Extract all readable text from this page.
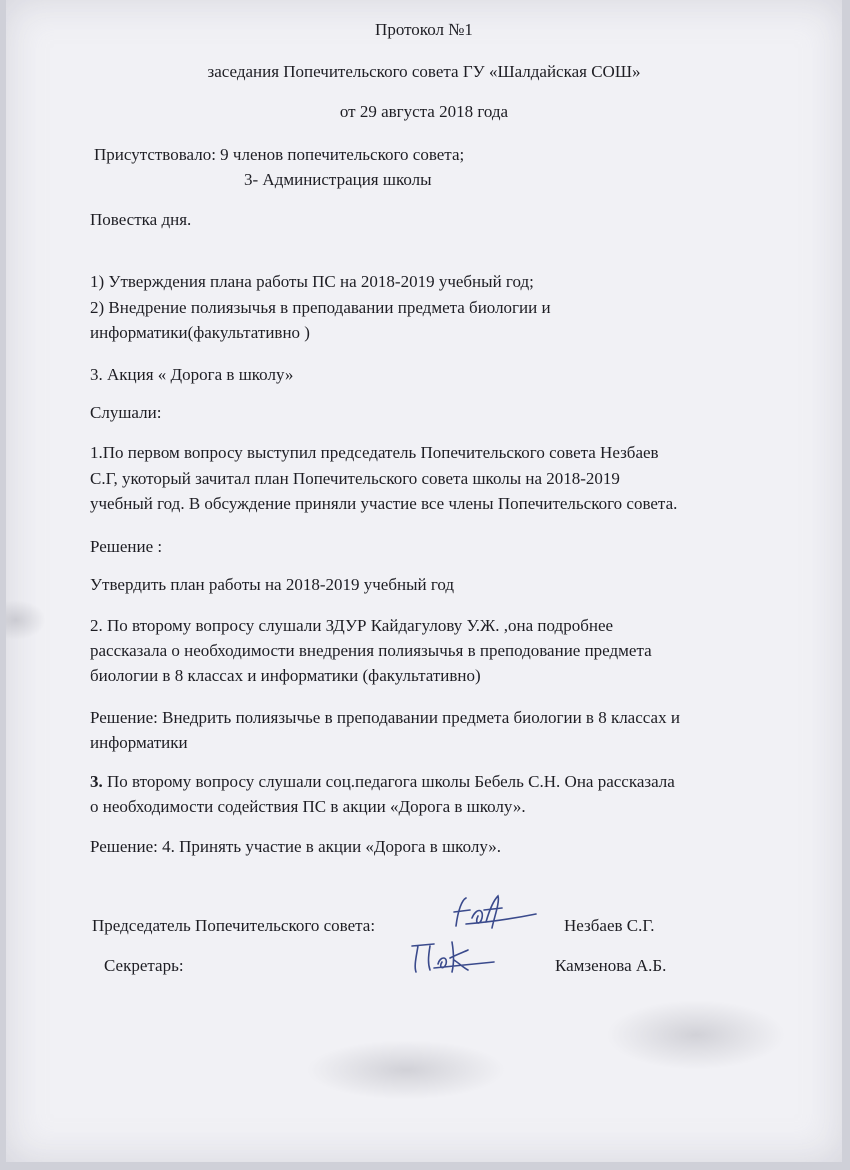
Протокол №1
заседания Попечительского совета ГУ «Шалдайская СОШ»
от 29 августа 2018 года
Присутствовало: 9 членов попечительского совета;
3- Администрация школы
Повестка дня.
1) Утверждения плана работы ПС на 2018-2019 учебный год;
2) Внедрение полиязычья в преподавании предмета биологии и
информатики(факультативно )
3. Акция « Дорога в школу»
Слушали:
1.По первом вопросу выступил председатель Попечительского совета Незбаев
С.Г, укоторый зачитал план Попечительского совета школы на 2018-2019
учебный год. В обсуждение приняли участие все члены Попечительского совета.
Решение :
Утвердить план работы на 2018-2019 учебный год
2. По второму вопросу слушали ЗДУР Кайдагулову У.Ж. ,она подробнее
рассказала о необходимости внедрения полиязычья в преподование предмета
биологии в 8 классах и информатики (факультативно)
Решение: Внедрить полиязычье в преподавании предмета биологии в 8 классах и
информатики
3. По второму вопросу слушали соц.педагога школы Бебель С.Н. Она рассказала
о необходимости содействия ПС в акции «Дорога в школу».
Решение: 4. Принять участие в акции «Дорога в школу».
Председатель Попечительского совета:	Незбаев С.Г.
Секретарь:	Камзенова А.Б.
